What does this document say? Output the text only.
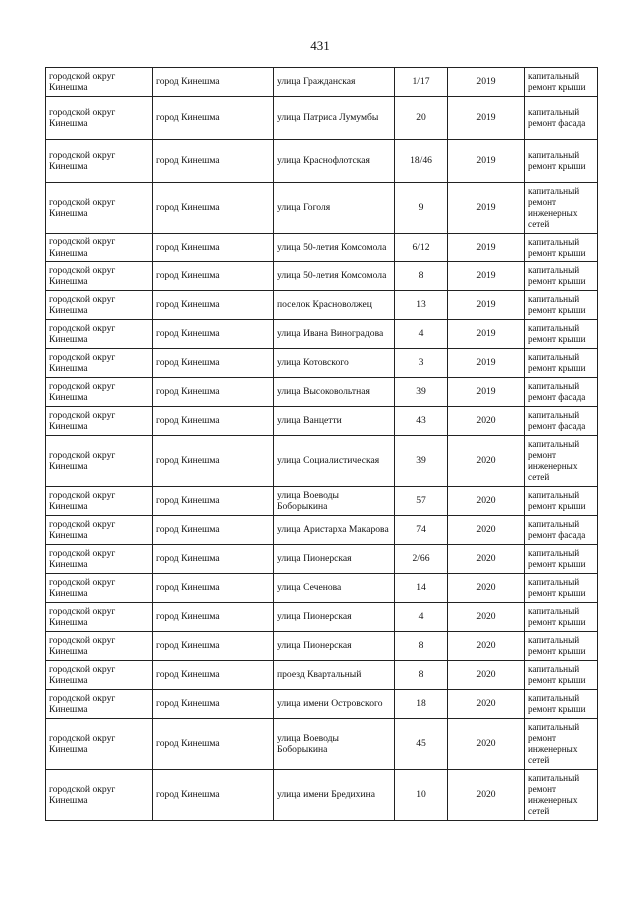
431
городской округ Кинешма	город Кинешма	улица Гражданская	1/17	2019	капитальный ремонт крыши
городской округ Кинешма	город Кинешма	улица Патриса Лумумбы	20	2019	капитальный ремонт фасада
городской округ Кинешма	город Кинешма	улица Краснофлотская	18/46	2019	капитальный ремонт крыши
городской округ Кинешма	город Кинешма	улица Гоголя	9	2019	капитальный ремонт инженерных сетей
городской округ Кинешма	город Кинешма	улица 50-летия Комсомола	6/12	2019	капитальный ремонт крыши
городской округ Кинешма	город Кинешма	улица 50-летия Комсомола	8	2019	капитальный ремонт крыши
городской округ Кинешма	город Кинешма	поселок Красноволжец	13	2019	капитальный ремонт крыши
городской округ Кинешма	город Кинешма	улица Ивана Виноградова	4	2019	капитальный ремонт крыши
городской округ Кинешма	город Кинешма	улица Котовского	3	2019	капитальный ремонт крыши
городской округ Кинешма	город Кинешма	улица Высоковольтная	39	2019	капитальный ремонт фасада
городской округ Кинешма	город Кинешма	улица Ванцетти	43	2020	капитальный ремонт фасада
городской округ Кинешма	город Кинешма	улица Социалистическая	39	2020	капитальный ремонт инженерных сетей
городской округ Кинешма	город Кинешма	улица Воеводы Боборыкина	57	2020	капитальный ремонт крыши
городской округ Кинешма	город Кинешма	улица Аристарха Макарова	74	2020	капитальный ремонт фасада
городской округ Кинешма	город Кинешма	улица Пионерская	2/66	2020	капитальный ремонт крыши
городской округ Кинешма	город Кинешма	улица Сеченова	14	2020	капитальный ремонт крыши
городской округ Кинешма	город Кинешма	улица Пионерская	4	2020	капитальный ремонт крыши
городской округ Кинешма	город Кинешма	улица Пионерская	8	2020	капитальный ремонт крыши
городской округ Кинешма	город Кинешма	проезд Квартальный	8	2020	капитальный ремонт крыши
городской округ Кинешма	город Кинешма	улица имени Островского	18	2020	капитальный ремонт крыши
городской округ Кинешма	город Кинешма	улица Воеводы Боборыкина	45	2020	капитальный ремонт инженерных сетей
городской округ Кинешма	город Кинешма	улица имени Бредихина	10	2020	капитальный ремонт инженерных сетей
